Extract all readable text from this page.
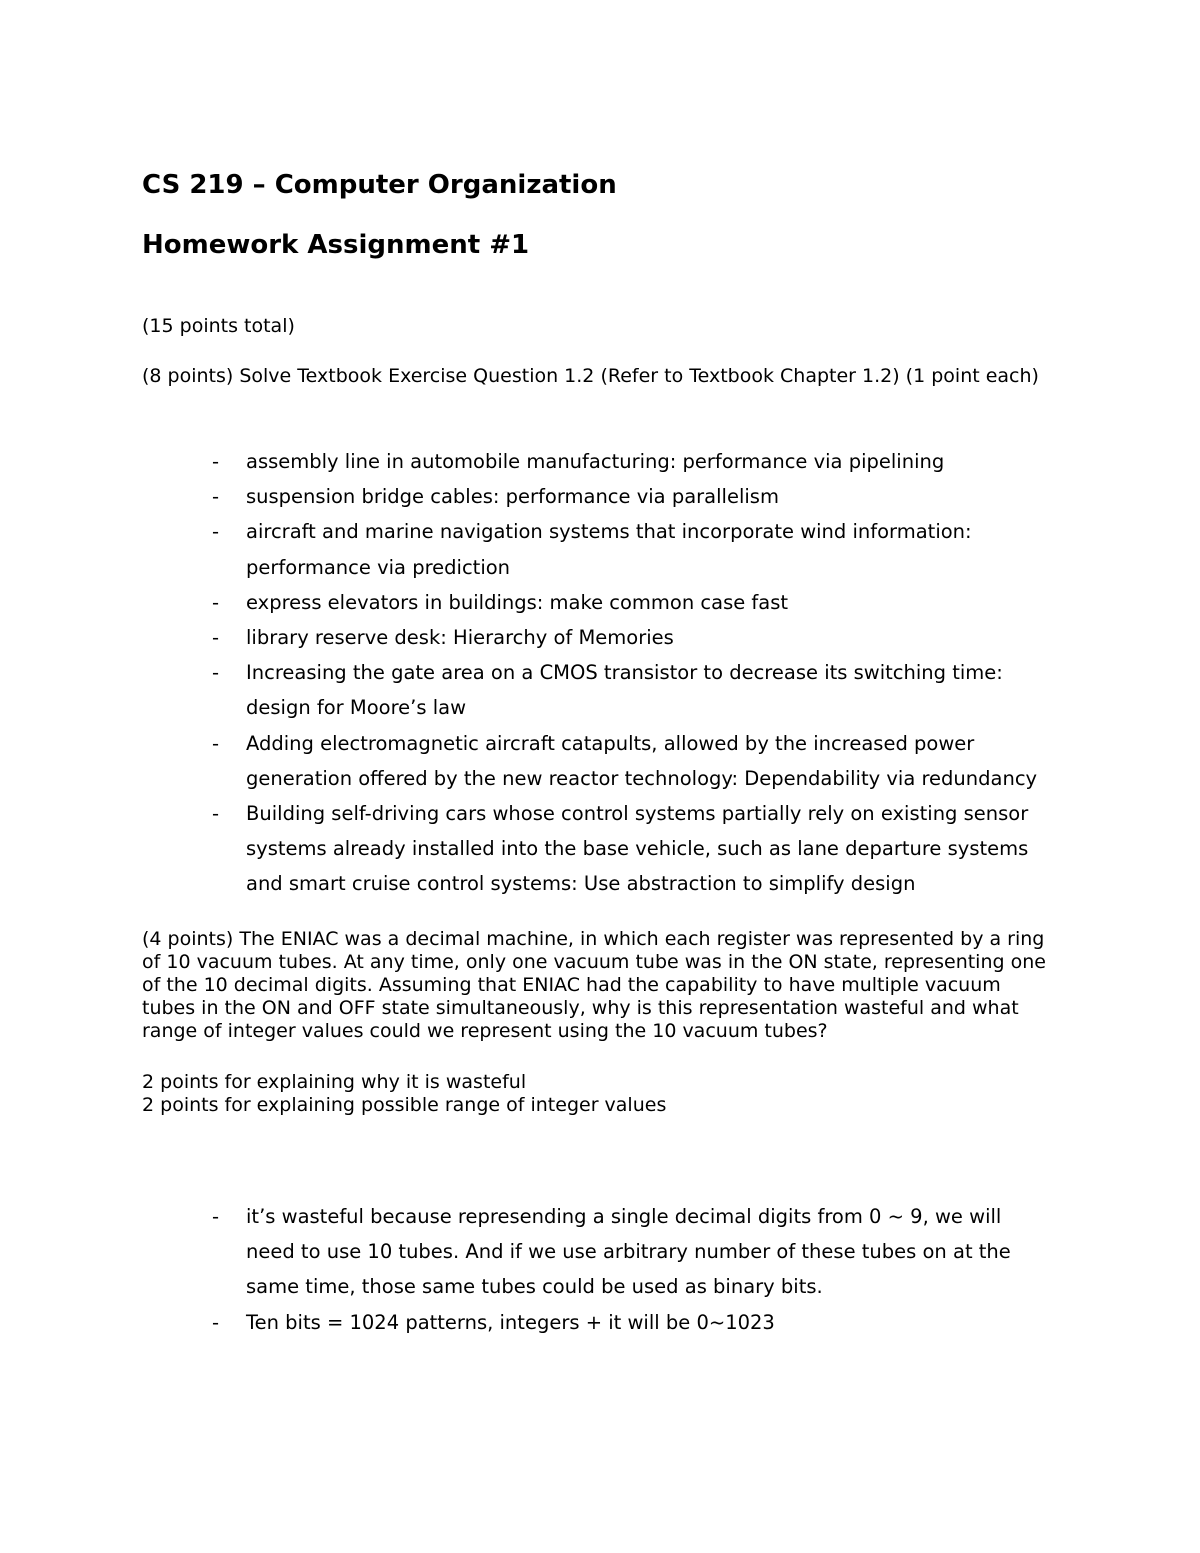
CS 219 – Computer Organization
Homework Assignment #1
(15 points total)
(8 points) Solve Textbook Exercise Question 1.2 (Refer to Textbook Chapter 1.2) (1 point each)
- assembly line in automobile manufacturing: performance via pipelining
- suspension bridge cables: performance via parallelism
- aircraft and marine navigation systems that incorporate wind information: performance via prediction
- express elevators in buildings: make common case fast
- library reserve desk: Hierarchy of Memories
- Increasing the gate area on a CMOS transistor to decrease its switching time: design for Moore’s law
- Adding electromagnetic aircraft catapults, allowed by the increased power generation offered by the new reactor technology: Dependability via redundancy
- Building self-driving cars whose control systems partially rely on existing sensor systems already installed into the base vehicle, such as lane departure systems and smart cruise control systems: Use abstraction to simplify design
(4 points) The ENIAC was a decimal machine, in which each register was represented by a ring of 10 vacuum tubes. At any time, only one vacuum tube was in the ON state, representing one of the 10 decimal digits. Assuming that ENIAC had the capability to have multiple vacuum tubes in the ON and OFF state simultaneously, why is this representation wasteful and what range of integer values could we represent using the 10 vacuum tubes?
2 points for explaining why it is wasteful
2 points for explaining possible range of integer values
- it’s wasteful because represending a single decimal digits from 0 ~ 9, we will need to use 10 tubes. And if we use arbitrary number of these tubes on at the same time, those same tubes could be used as binary bits.
- Ten bits = 1024 patterns, integers + it will be 0~1023
